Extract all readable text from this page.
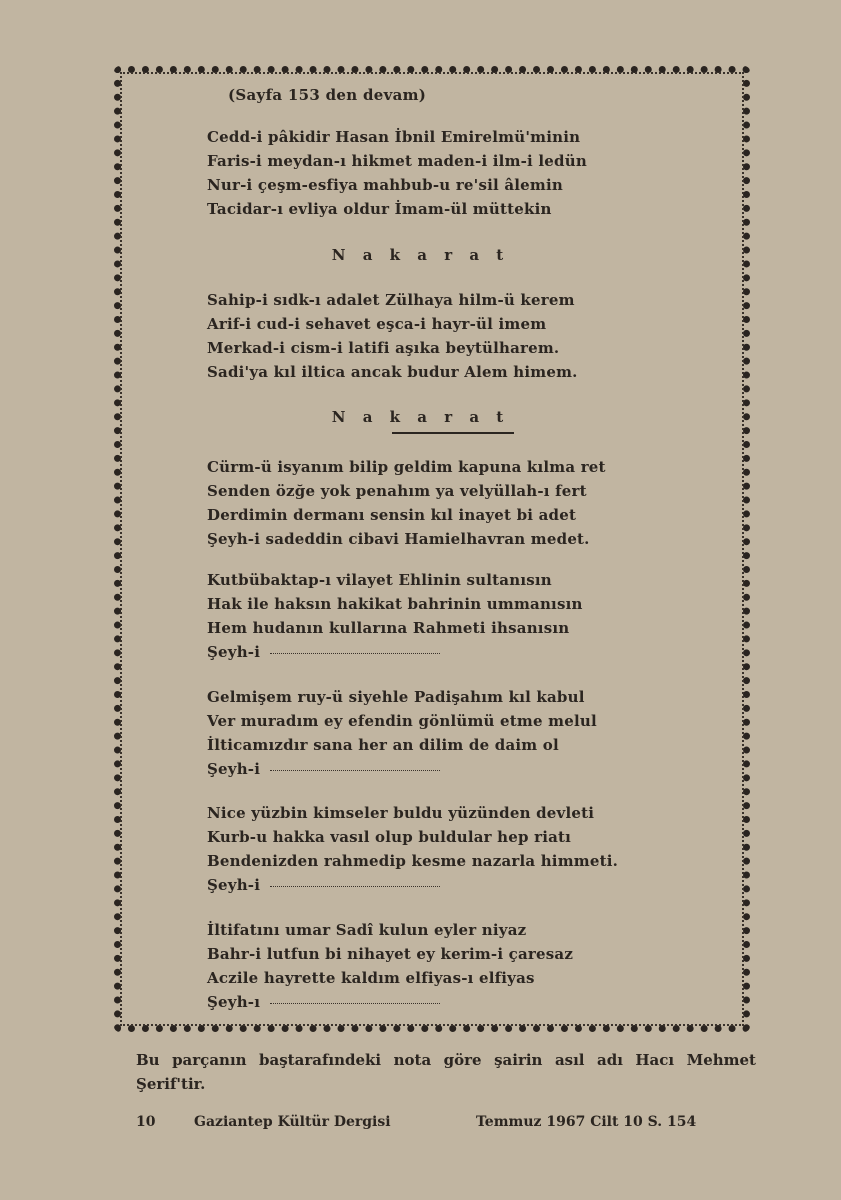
(Sayfa 153 den devam)
Cedd-i pâkidir Hasan İbnil Emirelmü'minin
Faris-i meydan-ı hikmet maden-i ilm-i ledün
Nur-i çeşm-esfiya mahbub-u re'sil âlemin
Tacidar-ı evliya oldur İmam-ül müttekin
N a k a r a t
Sahip-i sıdk-ı adalet Zülhaya hilm-ü kerem
Arif-i cud-i sehavet eşca-i hayr-ül imem
Merkad-i cism-i latifi aşıka beytülharem.
Sadi'ya kıl iltica ancak budur Alem himem.
N a k a r a t
Cürm-ü isyanım bilip geldim kapuna kılma ret
Senden özğe yok penahım ya velyüllah-ı fert
Derdimin dermanı sensin kıl inayet bi adet
Şeyh-i sadeddin cibavi Hamielhavran medet.
Kutbübaktap-ı vilayet Ehlinin sultanısın
Hak ile haksın hakikat bahrinin ummanısın
Hem hudanın kullarına Rahmeti ihsanısın
Şeyh-i
Gelmişem ruy-ü siyehle Padişahım kıl kabul
Ver muradım ey efendin gönlümü etme melul
İlticamızdır sana her an dilim de daim ol
Şeyh-i
Nice yüzbin kimseler buldu yüzünden devleti
Kurb-u hakka vasıl olup buldular hep riatı
Bendenizden rahmedip kesme nazarla himmeti.
Şeyh-i
İltifatını umar Sadî kulun eyler niyaz
Bahr-i lutfun bi nihayet ey kerim-i çaresaz
Aczile hayrette kaldım elfiyas-ı elfiyas
Şeyh-ı
Bu parçanın baştarafındeki nota göre şairin asıl adı Hacı Mehmet Şerif'tir.
10	Gaziantep Kültür Dergisi	Temmuz 1967 Cilt 10 S. 154
